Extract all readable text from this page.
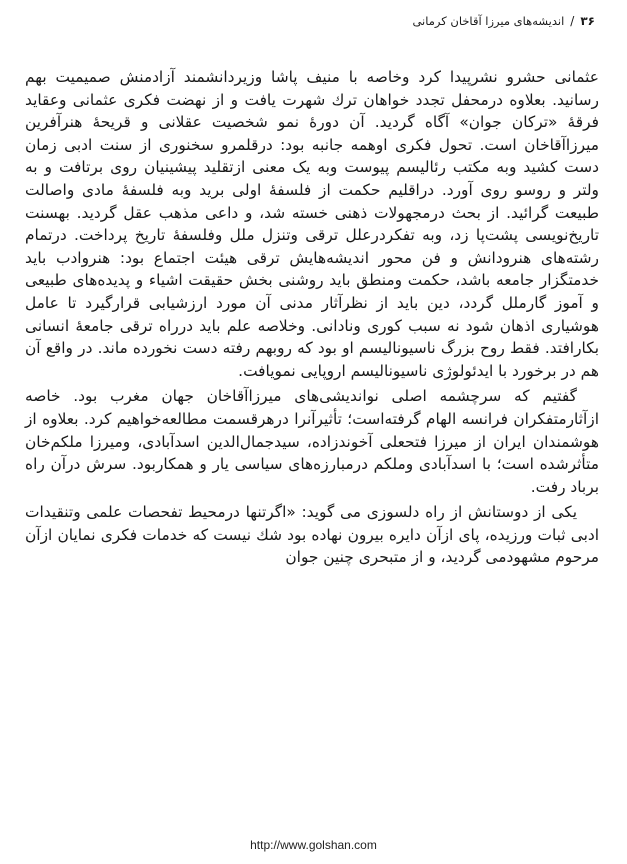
۳۶
/
اندیشه‌های میرزا آقاخان کرمانی

عثمانی حشرو نشرپیدا کرد وخاصه با منیف پاشا وزیردانشمند آزادمنش صمیمیت بهم رسانید. بعلاوه درمحفل تجدد خواهان ترك شهرت یافت و از نهضت فکری عثمانی وعقاید فرقهٔ «ترکان جوان» آگاه گردید. آن دورهٔ نمو شخصیت عقلانی و قریحهٔ هنرآفرین میرزاآقاخان است. تحول فکری اوهمه جانبه بود: درقلمرو سخنوری از سنت ادبی زمان دست کشید وبه مکتب رئالیسم پیوست وبه یک معنی ازتقلید پیشینیان روی برتافت و به ولتر و روسو روی آورد. دراقلیم حکمت از فلسفهٔ اولی برید وبه فلسفهٔ مادی واصالت طبیعت گرائید. از بحث درمجهولات ذهنی خسته شد، و داعی مذهب عقل گردید. بهسنت تاریخ‌نویسی پشت‌پا زد، وبه تفکردرعلل ترقی وتنزل ملل وفلسفهٔ تاریخ پرداخت. درتمام رشته‌های هنرودانش و فن محور اندیشه‌هایش ترقی هیئت اجتماع بود: هنروادب باید خدمتگزار جامعه باشد، حکمت ومنطق باید روشنی بخش حقیقت اشیاء و پدیده‌های طبیعی و آموز گارملل گردد، دین باید از نظرآثار مدنی آن مورد ارزشیابی قرارگیرد تا عامل هوشیاری اذهان شود نه سبب کوری ونادانی. وخلاصه علم باید درراه ترقی جامعهٔ انسانی بکارافتد. فقط روح بزرگ ناسیونالیسم او بود که روبهم رفته دست نخورده ماند. در واقع آن هم در برخورد با ایدئولوژی ناسیونالیسم اروپایی نمویافت.

گفتیم که سرچشمه اصلی نواندیشی‌های میرزاآقاخان جهان مغرب بود. خاصه ازآثارمتفکران فرانسه الهام گرفته‌است؛ تأثیرآنرا درهرقسمت مطالعه‌خواهیم کرد. بعلاوه از هوشمندان ایران از میرزا فتحعلی آخوندزاده، سیدجمال‌الدین اسدآبادی، ومیرزا ملکم‌خان متأثرشده است؛ با اسدآبادی وملکم درمبارزه‌های سیاسی یار و همکاربود. سرش درآن راه برباد رفت.

یکی از دوستانش از راه دلسوزی می گوید: «اگرتنها درمحیط تفحصات علمی وتنقیدات ادبی ثبات ورزیده، پای ازآن دایره بیرون نهاده بود شك نیست که خدمات فکری نمایان ازآن مرحوم مشهودمی گردید، و از متبحری چنین جوان

http://www.golshan.com
